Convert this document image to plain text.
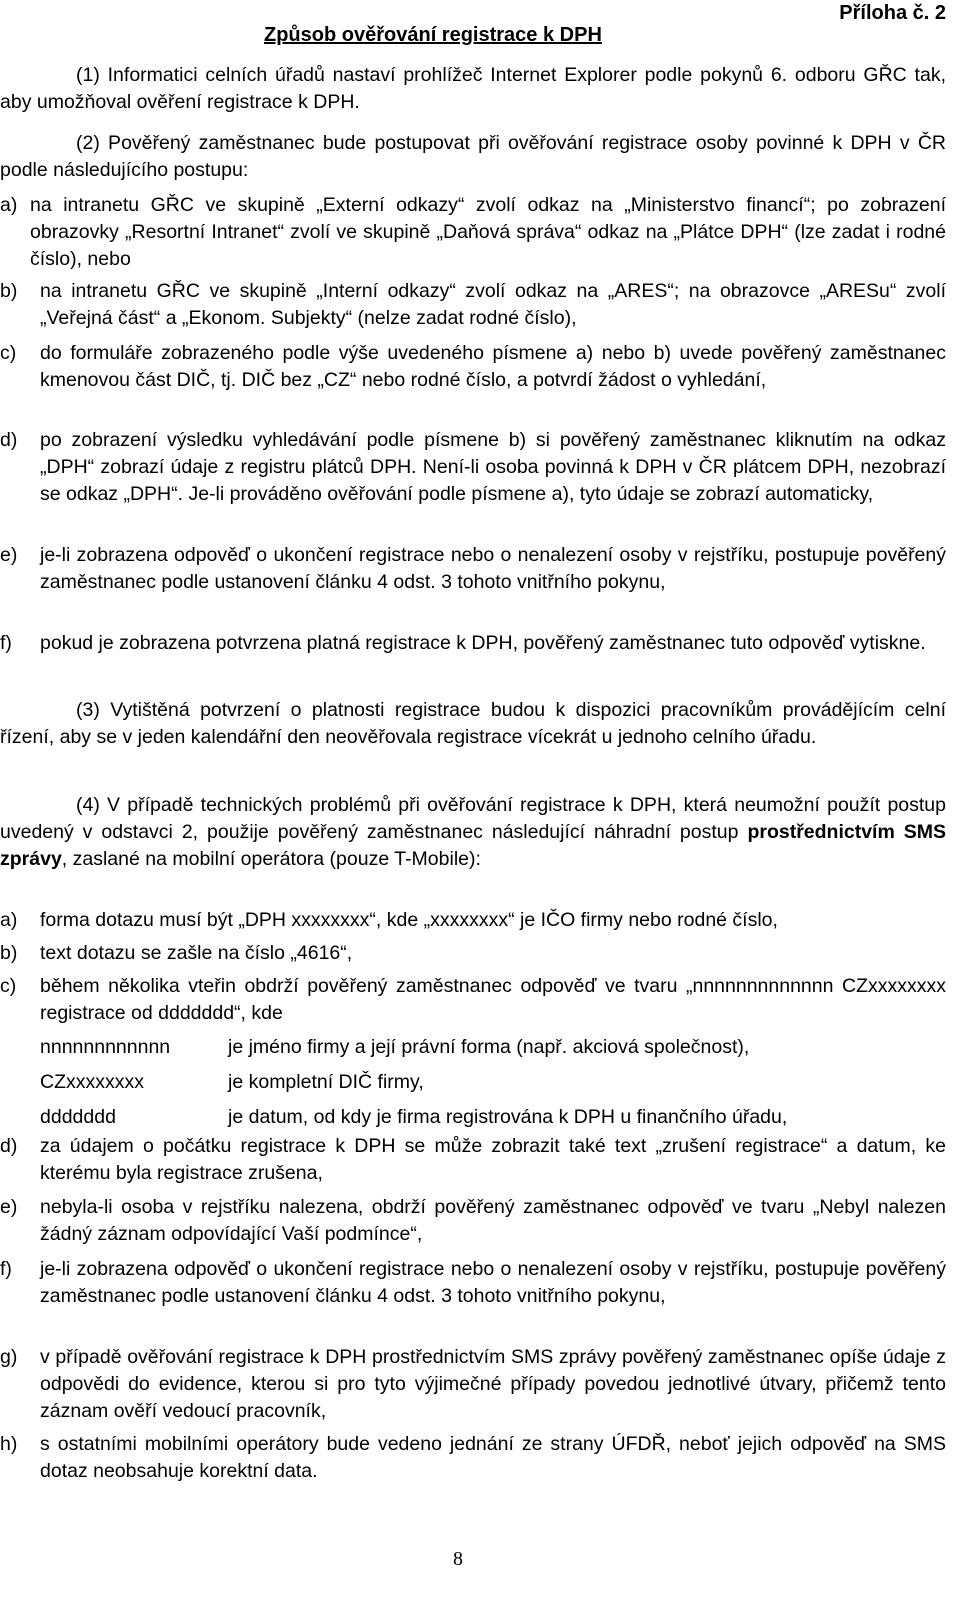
Způsob ověřování registrace k DPH
Příloha č. 2
(1) Informatici celních úřadů nastaví prohlížeč Internet Explorer podle pokynů 6. odboru GŘC tak, aby umožňoval ověření registrace k DPH.
(2) Pověřený zaměstnanec bude postupovat při ověřování registrace osoby povinné k DPH v ČR podle následujícího postupu:
a) na intranetu GŘC ve skupině „Externí odkazy“ zvolí odkaz na „Ministerstvo financí“; po zobrazení obrazovky „Resortní Intranet“ zvolí ve skupině „Daňová správa“ odkaz na „Plátce DPH“ (lze zadat i rodné číslo), nebo
b)	na intranetu GŘC ve skupině „Interní odkazy“ zvolí odkaz na „ARES“; na obrazovce „ARESu“ zvolí „Veřejná část“ a „Ekonom. Subjekty“ (nelze zadat rodné číslo),
c)	do formuláře zobrazeného podle výše uvedeného písmene a) nebo b) uvede pověřený zaměstnanec kmenovou část DIČ, tj. DIČ bez „CZ“ nebo rodné číslo, a potvrdí žádost o vyhledání,
d)	po zobrazení výsledku vyhledávání podle písmene b) si pověřený zaměstnanec kliknutím na odkaz „DPH“ zobrazí údaje z registru plátců DPH. Není-li osoba povinná k DPH v ČR plátcem DPH, nezobrazí se odkaz „DPH“. Je-li prováděno ověřování podle písmene a), tyto údaje se zobrazí automaticky,
e)	je-li zobrazena odpověď o ukončení registrace nebo o nenalezení osoby v rejstříku, postupuje pověřený zaměstnanec podle ustanovení článku 4 odst. 3 tohoto vnitřního pokynu,
f)	pokud je zobrazena potvrzena platná registrace k DPH, pověřený zaměstnanec tuto odpověď vytiskne.
(3) Vytištěná potvrzení o platnosti registrace budou k dispozici pracovníkům provádějícím celní řízení, aby se v jeden kalendářní den neověřovala registrace vícekrát u jednoho celního úřadu.
(4) V případě technických problémů při ověřování registrace k DPH, která neumožní použít postup uvedený v odstavci 2, použije pověřený zaměstnanec následující náhradní postup prostřednictvím SMS zprávy, zaslané na mobilní operátora (pouze T-Mobile):
a)	forma dotazu musí být „DPH xxxxxxxx“, kde „xxxxxxxx“ je IČO firmy nebo rodné číslo,
b)	text dotazu se zašle na číslo „4616“,
c)	během několika vteřin obdrží pověřený zaměstnanec odpověď ve tvaru „nnnnnnnnnnnnn CZxxxxxxxx registrace od ddddddd“, kde
nnnnnnnnnnnn	je jméno firmy a její právní forma (např. akciová společnost),
CZxxxxxxxx	je kompletní DIČ firmy,
ddddddd	je datum, od kdy je firma registrována k DPH u finančního úřadu,
d)	za údajem o počátku registrace k DPH se může zobrazit také text „zrušení registrace“ a datum, ke kterému byla registrace zrušena,
e)	nebyla-li osoba v rejstříku nalezena, obdrží pověřený zaměstnanec odpověď ve tvaru „Nebyl nalezen žádný záznam odpovídající Vaší podmínce“,
f)	je-li zobrazena odpověď o ukončení registrace nebo o nenalezení osoby v rejstříku, postupuje pověřený zaměstnanec podle ustanovení článku 4 odst. 3 tohoto vnitřního pokynu,
g)	v případě ověřování registrace k DPH prostřednictvím SMS zprávy pověřený zaměstnanec opíše údaje z odpovědi do evidence, kterou si pro tyto výjimečné případy povedou jednotlivé útvary, přičemž tento záznam ověří vedoucí pracovník,
h)	s ostatními mobilními operátory bude vedeno jednání ze strany ÚFDŘ, neboť jejich odpověď na SMS dotaz neobsahuje korektní data.
8
